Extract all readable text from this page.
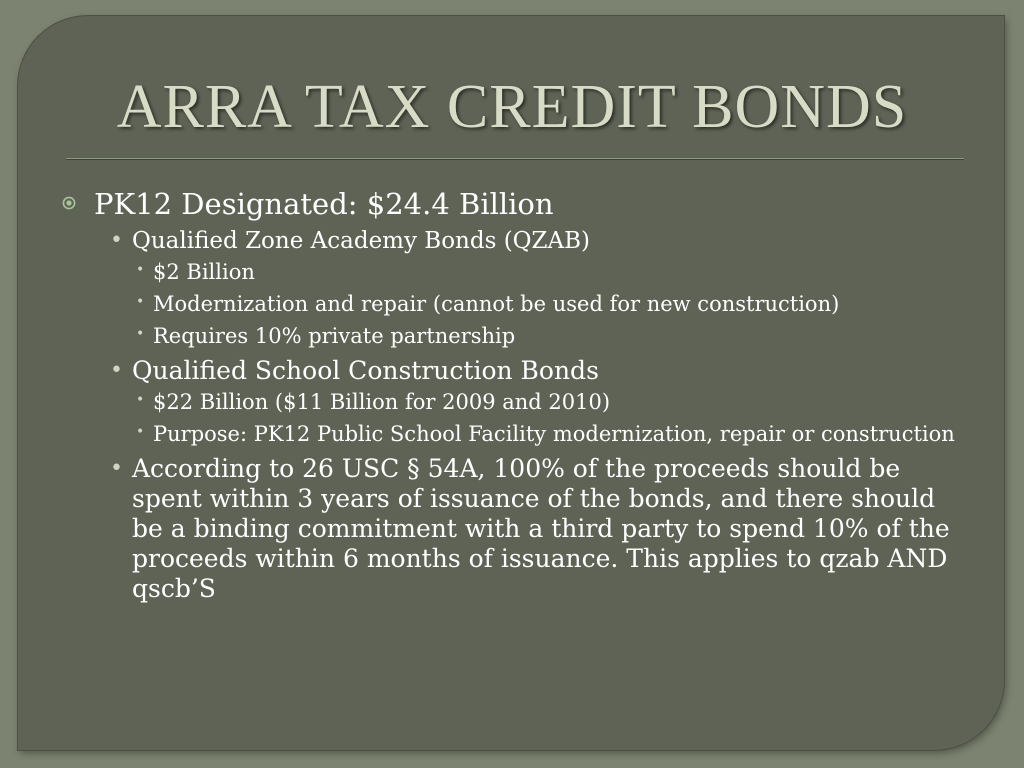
ARRA TAX CREDIT BONDS
PK12 Designated: $24.4 Billion
• Qualified Zone Academy Bonds (QZAB)
• $2 Billion
• Modernization and repair (cannot be used for new construction)
• Requires 10% private partnership
• Qualified School Construction Bonds
• $22 Billion ($11 Billion for 2009 and 2010)
• Purpose: PK12 Public School Facility modernization, repair or construction
• According to 26 USC § 54A, 100% of the proceeds should be spent within 3 years of issuance of the bonds, and there should be a binding commitment with a third party to spend 10% of the proceeds within 6 months of issuance. This applies to qzab AND qscb’S
